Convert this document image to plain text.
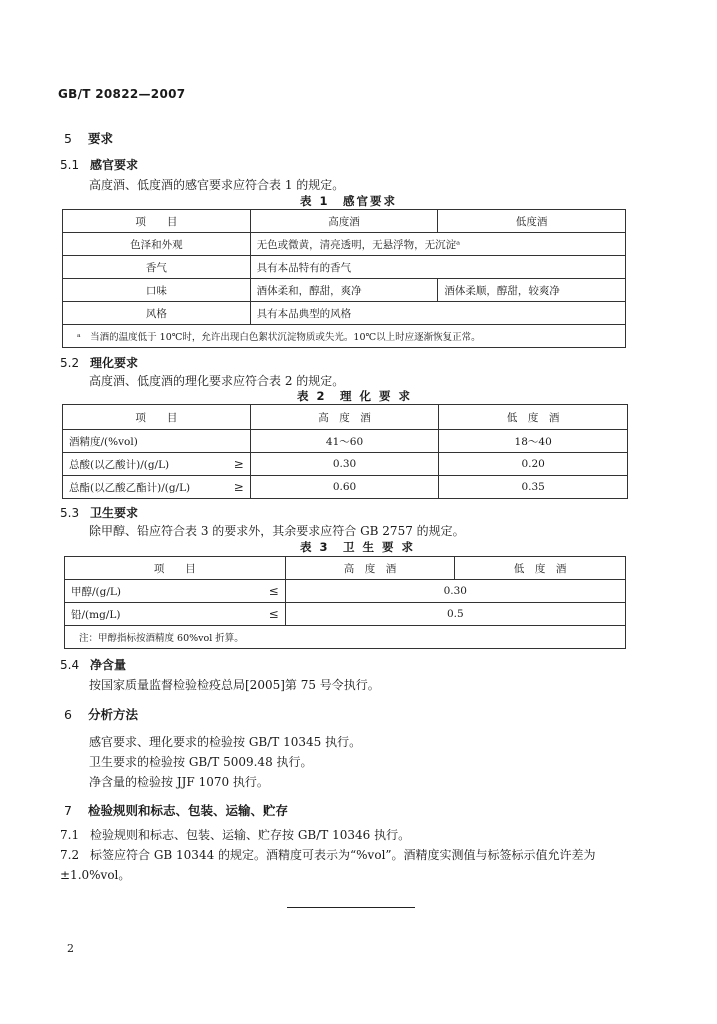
GB/T 20822—2007
5 要求
5.1 感官要求
高度酒、低度酒的感官要求应符合表 1 的规定。
表 1　感官要求
项　　目	高度酒	低度酒
色泽和外观	无色或微黄，清亮透明，无悬浮物，无沉淀ᵃ	
香气	具有本品特有的香气	
口味	酒体柔和，醇甜，爽净	酒体柔顺，醇甜，较爽净
风格	具有本品典型的风格	
ᵃ　当酒的温度低于 10℃时，允许出现白色絮状沉淀物质或失光。10℃以上时应逐渐恢复正常。		
5.2 理化要求
高度酒、低度酒的理化要求应符合表 2 的规定。
表 2　理 化 要 求
项　　目	高　度　酒	低　度　酒
酒精度/(%vol)	41～60	18～40
总酸(以乙酸计)/(g/L) ≥	0.30	0.20
总酯(以乙酸乙酯计)/(g/L) ≥	0.60	0.35
5.3 卫生要求
除甲醇、铅应符合表 3 的要求外，其余要求应符合 GB 2757 的规定。
表 3　卫 生 要 求
项　　目	高　度　酒	低　度　酒
甲醇/(g/L) ≤	0.30	
铅/(mg/L) ≤	0.5	
注：甲醇指标按酒精度 60%vol 折算。		
5.4 净含量
按国家质量监督检验检疫总局[2005]第 75 号令执行。
6 分析方法
感官要求、理化要求的检验按 GB/T 10345 执行。
卫生要求的检验按 GB/T 5009.48 执行。
净含量的检验按 JJF 1070 执行。
7 检验规则和标志、包装、运输、贮存
7.1 检验规则和标志、包装、运输、贮存按 GB/T 10346 执行。
7.2 标签应符合 GB 10344 的规定。酒精度可表示为“%vol”。酒精度实测值与标签标示值允许差为
±1.0%vol。
2
